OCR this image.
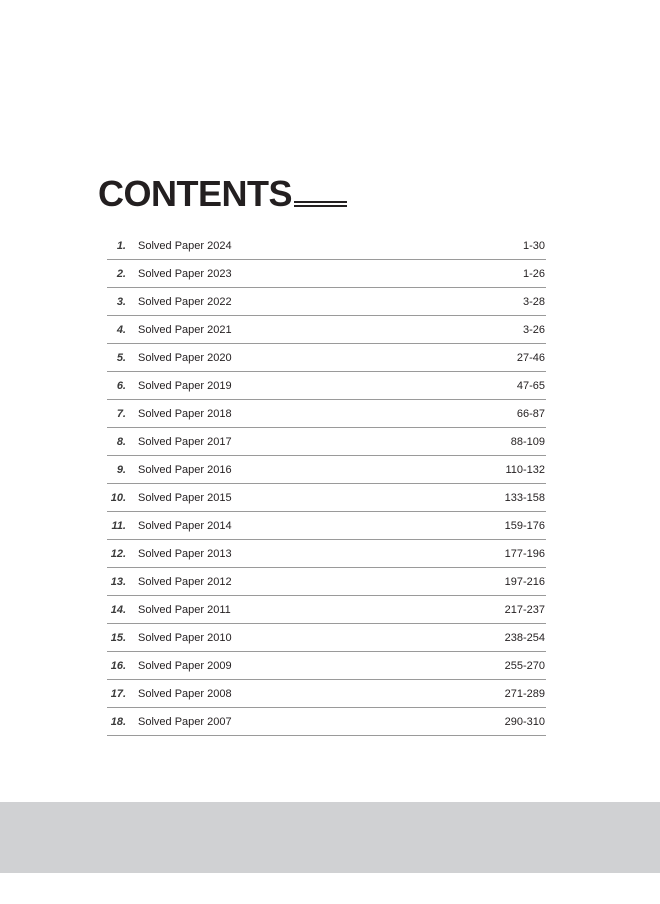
CONTENTS
1. Solved Paper 2024	1-30
2. Solved Paper 2023	1-26
3. Solved Paper 2022	3-28
4. Solved Paper 2021	3-26
5. Solved Paper 2020	27-46
6. Solved Paper 2019	47-65
7. Solved Paper 2018	66-87
8. Solved Paper 2017	88-109
9. Solved Paper 2016	110-132
10. Solved Paper 2015	133-158
11. Solved Paper 2014	159-176
12. Solved Paper 2013	177-196
13. Solved Paper 2012	197-216
14. Solved Paper 2011	217-237
15. Solved Paper 2010	238-254
16. Solved Paper 2009	255-270
17. Solved Paper 2008	271-289
18. Solved Paper 2007	290-310
